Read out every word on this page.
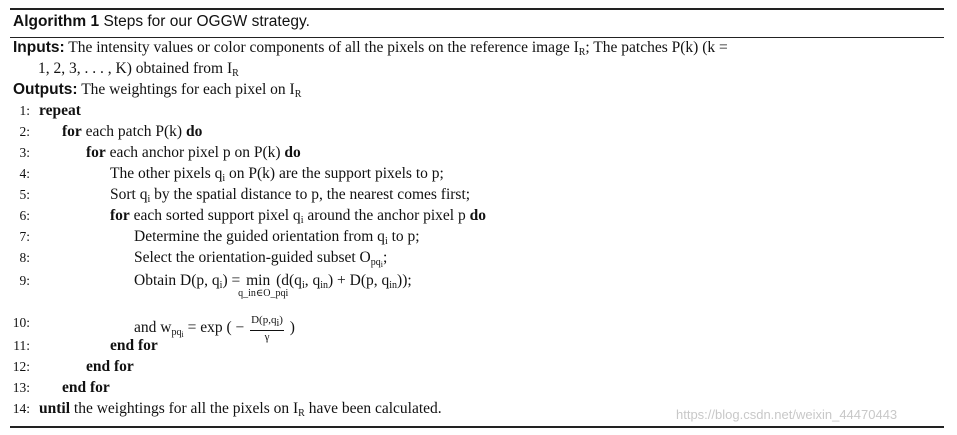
Algorithm 1 Steps for our OGGW strategy.
Inputs: The intensity values or color components of all the pixels on the reference image $I_R$; The patches P(k) (k =
1, 2, 3, . . . , K) obtained from $I_R$
Outputs: The weightings for each pixel on $I_R$
1: repeat
2: for each patch P(k) do
3:	for each anchor pixel p on P(k) do
4:	The other pixels $q_i$ on P(k) are the support pixels to p;
5:	Sort $q_i$ by the spatial distance to p, the nearest comes first;
6:	for each sorted support pixel $q_i$ around the anchor pixel p do
7:	Determine the guided orientation from $q_i$ to p;
8:	Select the orientation-guided subset $O_{pq_i}$;
9:	Obtain D(p, $q_i) = \min$
q_in∈O_pqi
($d(q_i$, $q_{in}) + D(p$, $q_{in}$));
10:	and $w_{pq_i} = \exp$ ( − $\frac{D(p,q_i)}{\gamma}$ )
11:	end for
12:	end for
13: end for
14: until the weightings for all the pixels on $I_R$ have been calculated.	https://blog.csdn.net/weixin_44470443
